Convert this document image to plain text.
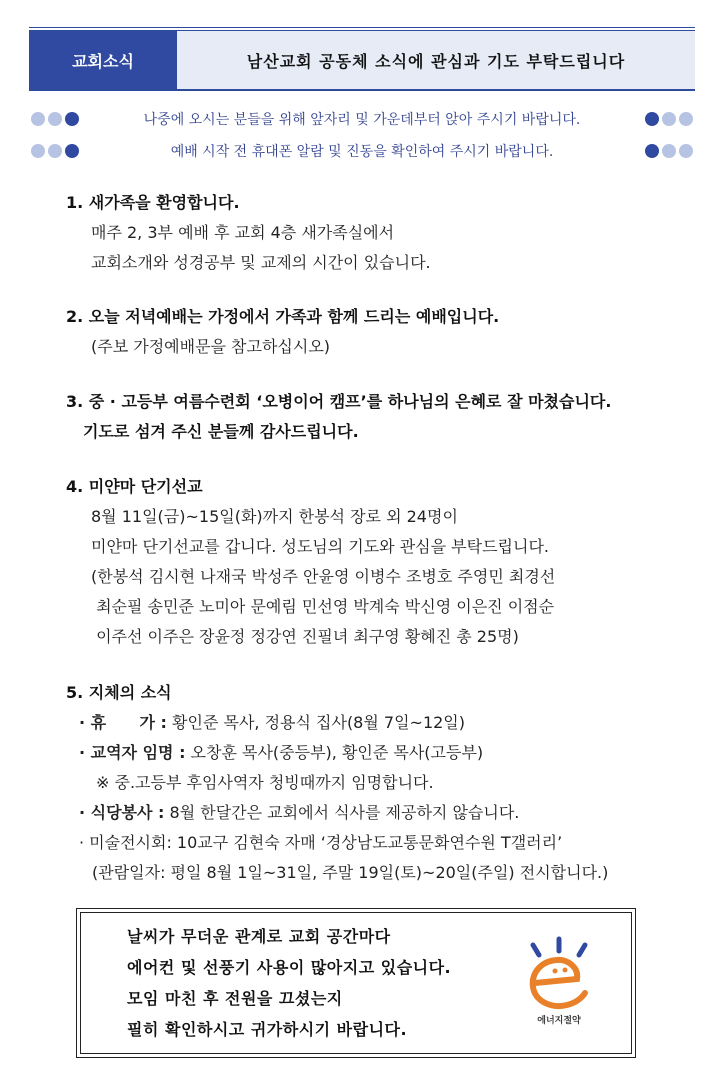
교회소식	남산교회 공동체 소식에 관심과 기도 부탁드립니다
나중에 오시는 분들을 위해 앞자리 및 가운데부터 앉아 주시기 바랍니다.
예배 시작 전 휴대폰 알람 및 진동을 확인하여 주시기 바랍니다.
1. 새가족을 환영합니다.
매주 2, 3부 예배 후 교회 4층 새가족실에서
교회소개와 성경공부 및 교제의 시간이 있습니다.
2. 오늘 저녁예배는 가정에서 가족과 함께 드리는 예배입니다.
(주보 가정예배문을 참고하십시오)
3. 중 · 고등부 여름수련회 ‘오병이어 캠프’를 하나님의 은혜로 잘 마쳤습니다.
기도로 섬겨 주신 분들께 감사드립니다.
4. 미얀마 단기선교
8월 11일(금)~15일(화)까지 한봉석 장로 외 24명이
미얀마 단기선교를 갑니다. 성도님의 기도와 관심을 부탁드립니다.
(한봉석 김시현 나재국 박성주 안윤영 이병수 조병호 주영민 최경선
최순필 송민준 노미아 문예림 민선영 박계숙 박신영 이은진 이점순
이주선 이주은 장윤정 정강연 진필녀 최구영 황혜진 총 25명)
5. 지체의 소식
· 휴      가 : 황인준 목사, 정용식 집사(8월 7일~12일)
· 교역자 임명 : 오창훈 목사(중등부), 황인준 목사(고등부)
※ 중.고등부 후임사역자 청빙때까지 임명합니다.
· 식당봉사 : 8월 한달간은 교회에서 식사를 제공하지 않습니다.
· 미술전시회: 10교구 김현숙 자매 ‘경상남도교통문화연수원 T갤러리’
(관람일자: 평일 8월 1일~31일, 주말 19일(토)~20일(주일) 전시합니다.)
날씨가 무더운 관계로 교회 공간마다
에어컨 및 선풍기 사용이 많아지고 있습니다.
모임 마친 후 전원을 끄셨는지
필히 확인하시고 귀가하시기 바랍니다.	에너지절약
